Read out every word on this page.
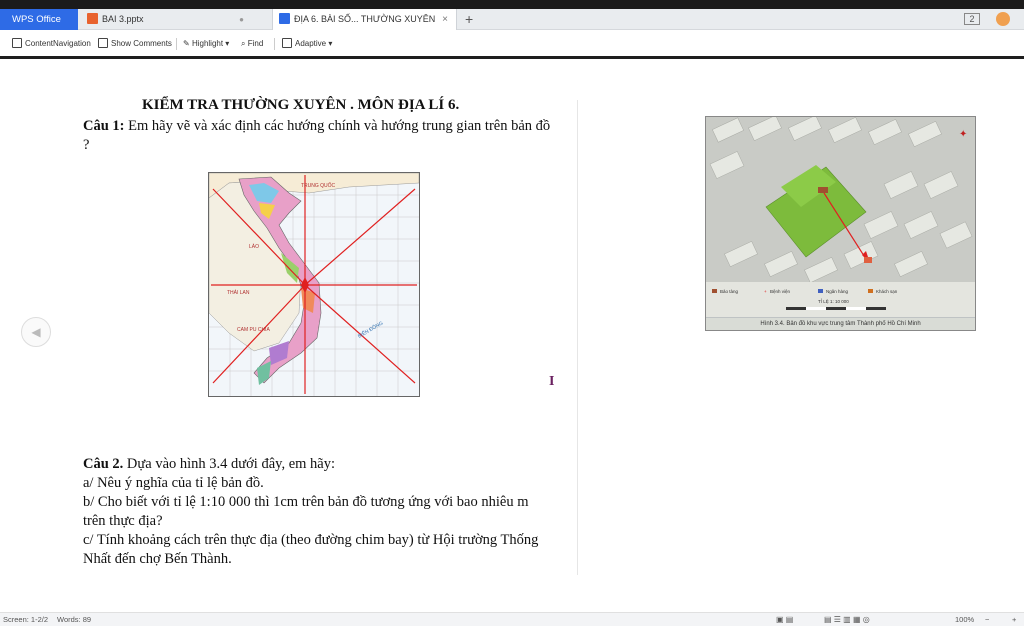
WPS Office	BAI 3.pptx	●	ĐỊA 6. BÀI SỐ... THƯỜNG XUYÊN × +	2
ContentNavigation	Show Comments ✎ Highlight ▾ ⌕ Find	Adaptive ▾
◀
KIỂM TRA THƯỜNG XUYÊN . MÔN ĐỊA LÍ 6.
Câu 1: Em hãy vẽ và xác định các hướng chính và hướng trung gian trên bản đồ ?
TRUNG QUỐC
LÀO
THÁI LAN
CAM PU CHIA	BIỂN ĐÔNG
✦
Bảo tàng	+ Bệnh viện	Ngân hàng	Khách sạn
TỈ LỆ 1: 10 000
Hình 3.4. Bản đồ khu vực trung tâm Thành phố Hồ Chí Minh
I

Câu 2. Dựa vào hình 3.4 dưới đây, em hãy:

a/ Nêu ý nghĩa của tỉ lệ bản đồ.

b/ Cho biết với tỉ lệ 1:10 000 thì 1cm trên bản đồ tương ứng với bao nhiêu m trên thực địa?

c/ Tính khoảng cách trên thực địa (theo đường chim bay) từ Hội trường Thống Nhất đến chợ Bến Thành.

Screen: 1-2/2 Words: 89	▣ ▤	▤ ☰ ▥ ▦ ◎	100% −	+
